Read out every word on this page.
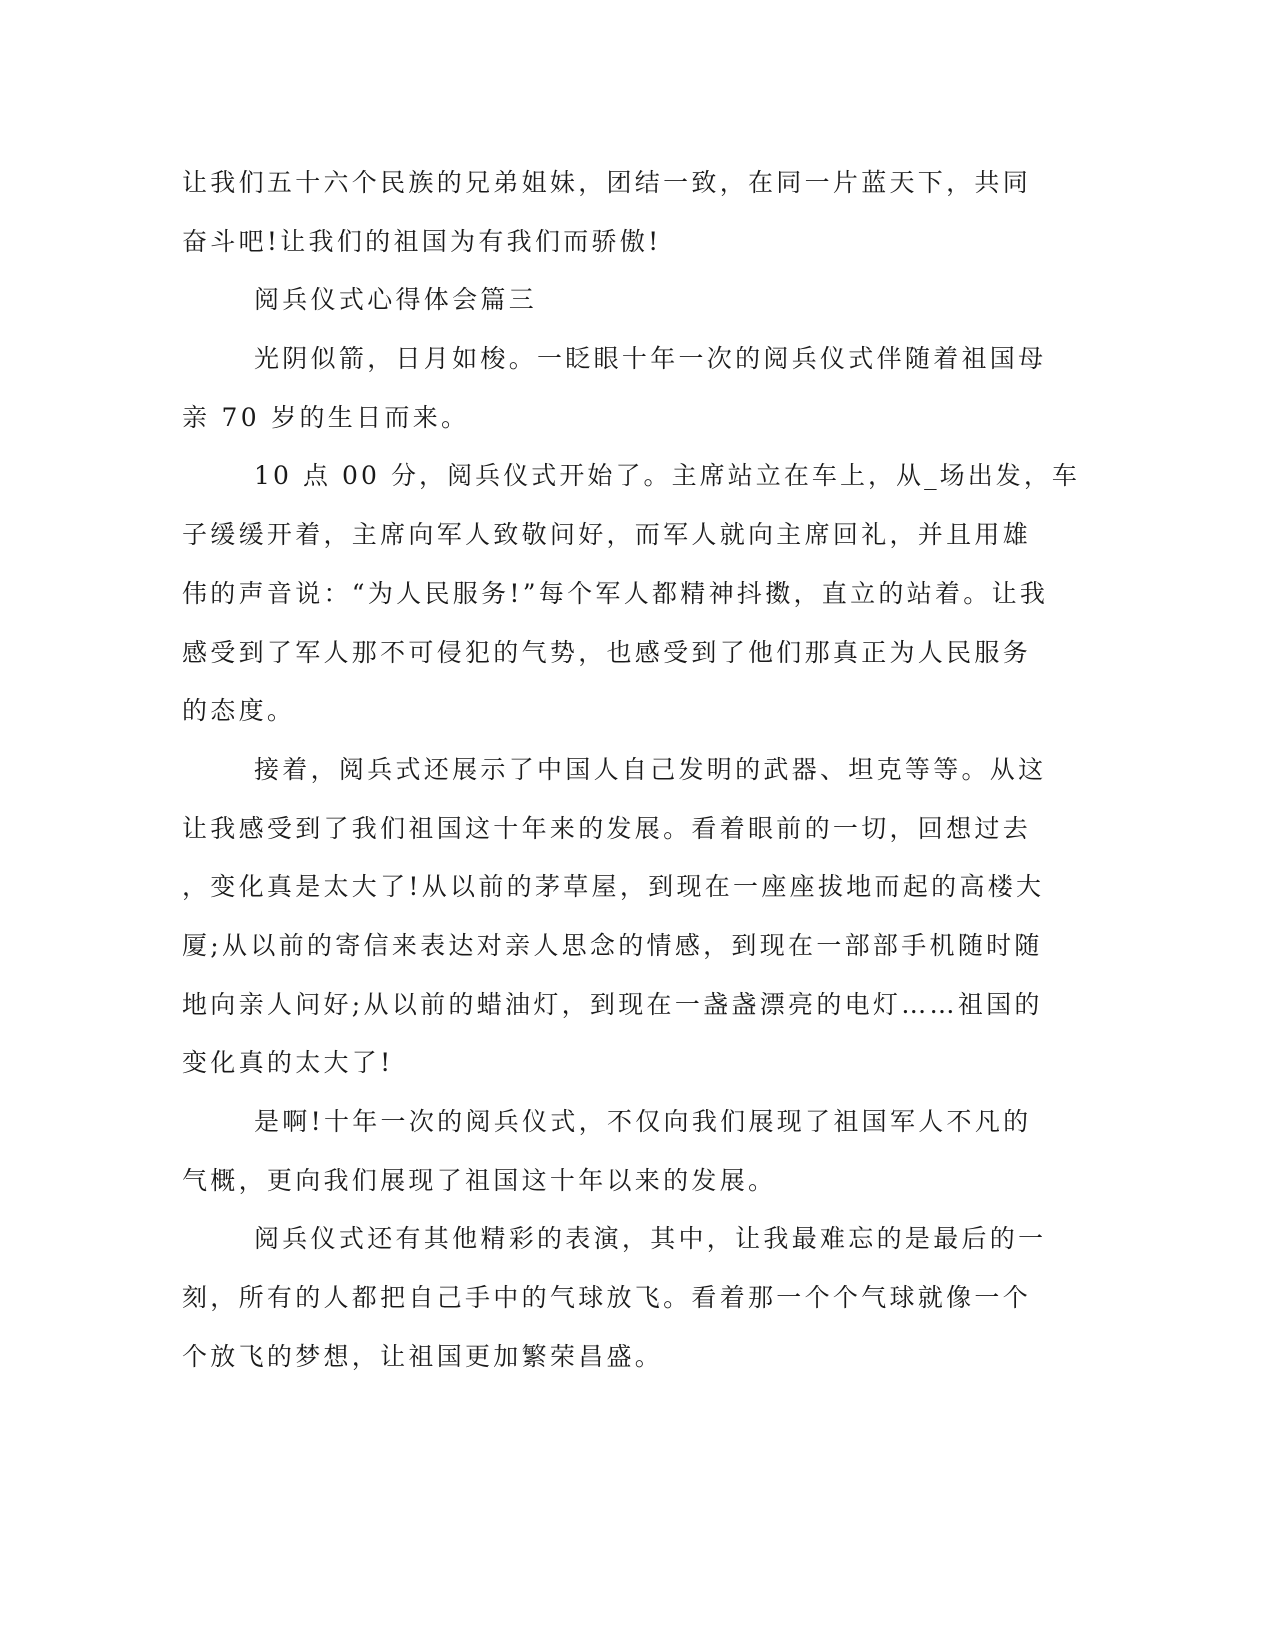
让我们五十六个民族的兄弟姐妹，团结一致，在同一片蓝天下，共同
奋斗吧!让我们的祖国为有我们而骄傲!
阅兵仪式心得体会篇三
光阴似箭，日月如梭。一眨眼十年一次的阅兵仪式伴随着祖国母
亲 70 岁的生日而来。
10 点 00 分，阅兵仪式开始了。主席站立在车上，从_场出发，车
子缓缓开着，主席向军人致敬问好，而军人就向主席回礼，并且用雄
伟的声音说：“为人民服务!”每个军人都精神抖擞，直立的站着。让我
感受到了军人那不可侵犯的气势，也感受到了他们那真正为人民服务
的态度。
接着，阅兵式还展示了中国人自己发明的武器、坦克等等。从这
让我感受到了我们祖国这十年来的发展。看着眼前的一切，回想过去
，变化真是太大了!从以前的茅草屋，到现在一座座拔地而起的高楼大
厦;从以前的寄信来表达对亲人思念的情感，到现在一部部手机随时随
地向亲人问好;从以前的蜡油灯，到现在一盏盏漂亮的电灯……祖国的
变化真的太大了!
是啊!十年一次的阅兵仪式，不仅向我们展现了祖国军人不凡的
气概，更向我们展现了祖国这十年以来的发展。
阅兵仪式还有其他精彩的表演，其中，让我最难忘的是最后的一
刻，所有的人都把自己手中的气球放飞。看着那一个个气球就像一个
个放飞的梦想，让祖国更加繁荣昌盛。
